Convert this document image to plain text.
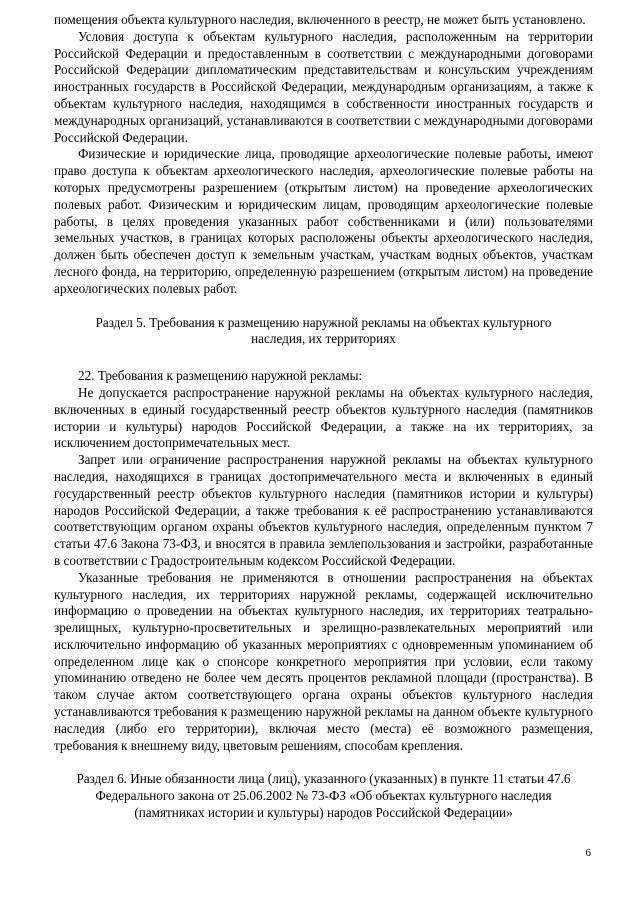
помещения объекта культурного наследия, включенного в реестр, не может быть установлено.

Условия доступа к объектам культурного наследия, расположенным на территории Российской Федерации и предоставленным в соответствии с международными договорами Российской Федерации дипломатическим представительствам и консульским учреждениям иностранных государств в Российской Федерации, международным организациям, а также к объектам культурного наследия, находящимся в собственности иностранных государств и международных организаций, устанавливаются в соответствии с международными договорами Российской Федерации.

Физические и юридические лица, проводящие археологические полевые работы, имеют право доступа к объектам археологического наследия, археологические полевые работы на которых предусмотрены разрешением (открытым листом) на проведение археологических полевых работ. Физическим и юридическим лицам, проводящим археологические полевые работы, в целях проведения указанных работ собственниками и (или) пользователями земельных участков, в границах которых расположены объекты археологического наследия, должен быть обеспечен доступ к земельным участкам, участкам водных объектов, участкам лесного фонда, на территорию, определенную разрешением (открытым листом) на проведение археологических полевых работ.

Раздел 5. Требования к размещению наружной рекламы на объектах культурного

наследия, их территориях

22. Требования к размещению наружной рекламы:

Не допускается распространение наружной рекламы на объектах культурного наследия, включенных в единый государственный реестр объектов культурного наследия (памятников истории и культуры) народов Российской Федерации, а также на их территориях, за исключением достопримечательных мест.

Запрет или ограничение распространения наружной рекламы на объектах культурного наследия, находящихся в границах достопримечательного места и включенных в единый государственный реестр объектов культурного наследия (памятников истории и культуры) народов Российской Федерации, а также требования к её распространению устанавливаются соответствующим органом охраны объектов культурного наследия, определенным пунктом 7 статьи 47.6 Закона 73-ФЗ, и вносятся в правила землепользования и застройки, разработанные в соответствии с Градостроительным кодексом Российской Федерации.

Указанные требования не применяются в отношении распространения на объектах культурного наследия, их территориях наружной рекламы, содержащей исключительно информацию о проведении на объектах культурного наследия, их территориях театрально-зрелищных, культурно-просветительных и зрелищно-развлекательных мероприятий или исключительно информацию об указанных мероприятиях с одновременным упоминанием об определенном лице как о спонсоре конкретного мероприятия при условии, если такому упоминанию отведено не более чем десять процентов рекламной площади (пространства). В таком случае актом соответствующего органа охраны объектов культурного наследия устанавливаются требования к размещению наружной рекламы на данном объекте культурного наследия (либо его территории), включая место (места) её возможного размещения, требования к внешнему виду, цветовым решениям, способам крепления.

Раздел 6. Иные обязанности лица (лиц), указанного (указанных) в пункте 11 статьи 47.6

Федерального закона от 25.06.2002 № 73-ФЗ «Об объектах культурного наследия

(памятниках истории и культуры) народов Российской Федерации»

6
